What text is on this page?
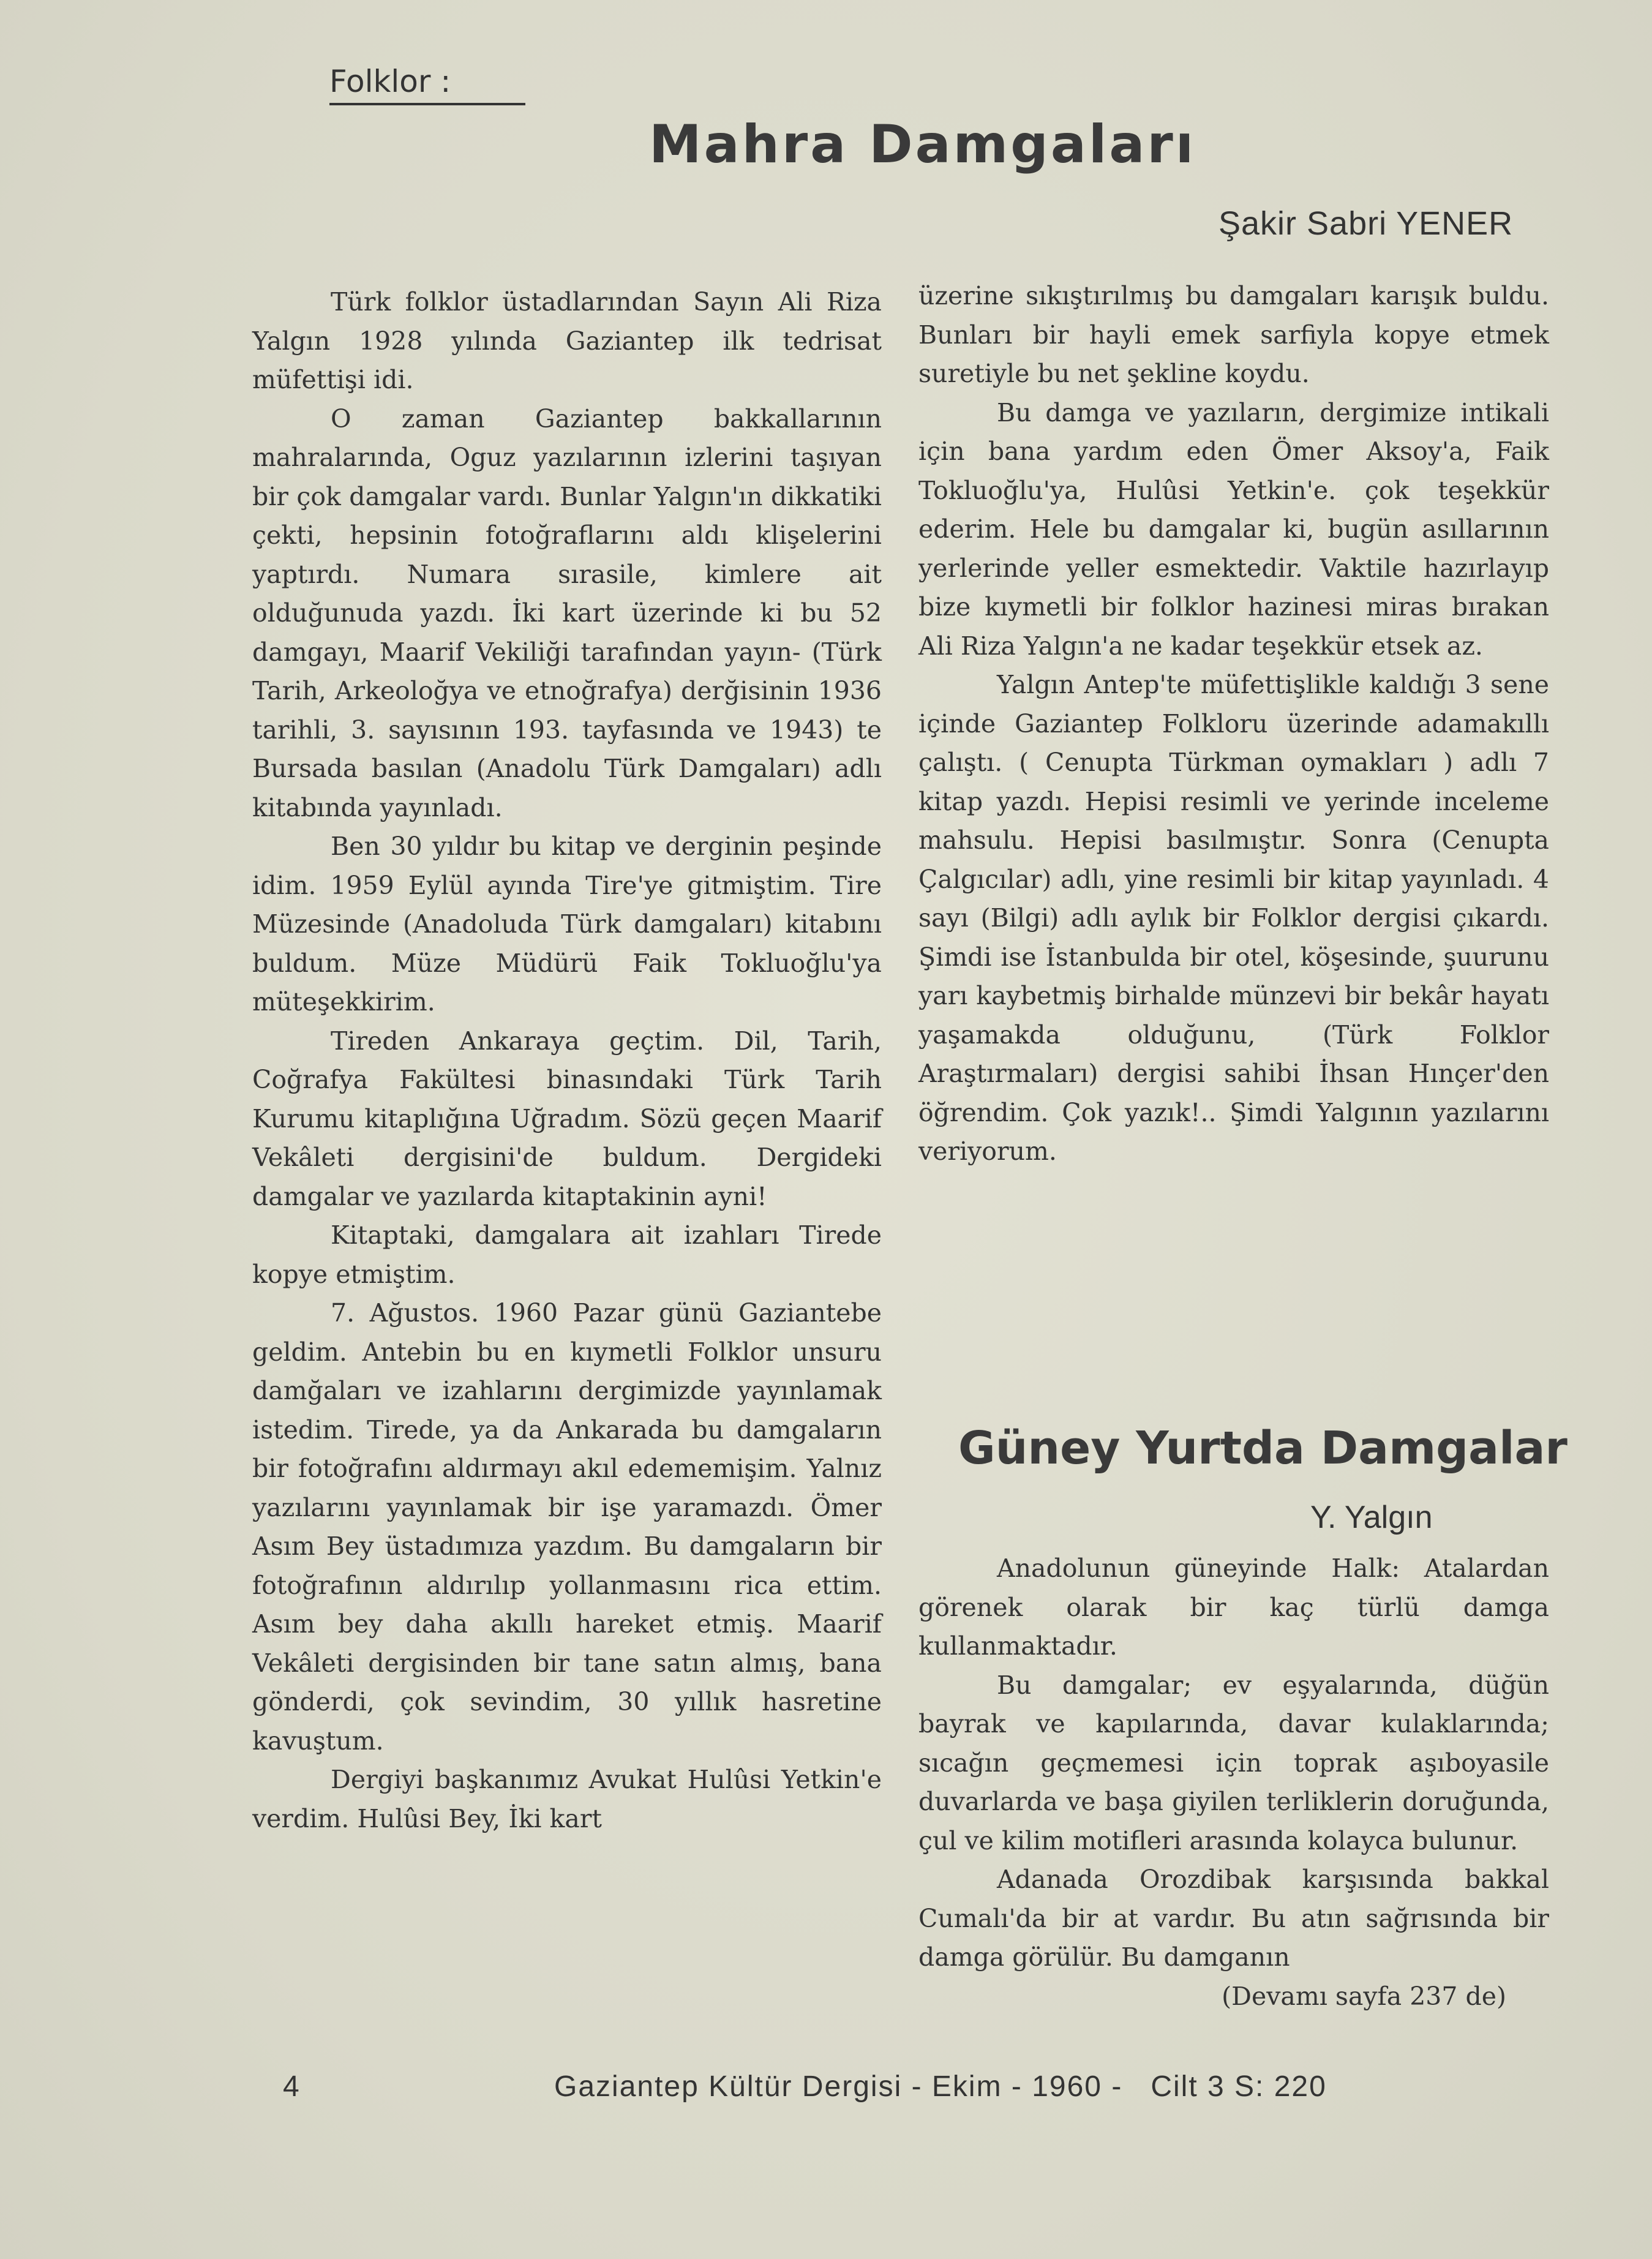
Folklor :
Mahra Damgaları
Şakir Sabri YENER

Türk folklor üstadlarından Sayın Ali Riza Yalgın 1928 yılında Gaziantep ilk tedrisat müfettişi idi.

O zaman Gaziantep bakkallarının mahralarında, Oguz yazılarının izlerini taşıyan bir çok damgalar vardı. Bunlar Yalgın'ın dikkatiki çekti, hepsinin fotoğraflarını aldı klişelerini yaptırdı. Numara sırasile, kimlere ait olduğunuda yazdı. İki kart üzerinde ki bu 52 damgayı, Maarif Vekiliği tarafından yayın- (Türk Tarih, Arkeoloğya ve etnoğrafya) derğisinin 1936 tarihli, 3. sayısının 193. tayfasında ve 1943) te Bursada basılan (Anadolu Türk Damgaları) adlı kitabında yayınladı.

Ben 30 yıldır bu kitap ve derginin peşinde idim. 1959 Eylül ayında Tire'ye gitmiştim. Tire Müzesinde (Anadoluda Türk damgaları) kitabını buldum. Müze Müdürü Faik Tokluoğlu'ya müteşekkirim.

Tireden Ankaraya geçtim. Dil, Tarih, Coğrafya Fakültesi binasındaki Türk Tarih Kurumu kitaplığına Uğradım. Sözü geçen Maarif Vekâleti dergisini'de buldum. Dergideki damgalar ve yazılarda kitaptakinin ayni!

Kitaptaki, damgalara ait izahları Tirede kopye etmiştim.

7. Ağustos. 1960 Pazar günü Gaziantebe geldim. Antebin bu en kıymetli Folklor unsuru damğaları ve izahlarını dergimizde yayınlamak istedim. Tirede, ya da Ankarada bu damgaların bir fotoğrafını aldırmayı akıl edememişim. Yalnız yazılarını yayınlamak bir işe yaramazdı. Ömer Asım Bey üstadımıza yazdım. Bu damgaların bir fotoğrafının aldırılıp yollanmasını rica ettim. Asım bey daha akıllı hareket etmiş. Maarif Vekâleti dergisinden bir tane satın almış, bana gönderdi, çok sevindim, 30 yıllık hasretine kavuştum.

Dergiyi başkanımız Avukat Hulûsi Yetkin'e verdim. Hulûsi Bey, İki kart

üzerine sıkıştırılmış bu damgaları karışık buldu. Bunları bir hayli emek sarfiyla kopye etmek suretiyle bu net şekline koydu.

Bu damga ve yazıların, dergimize intikali için bana yardım eden Ömer Aksoy'a, Faik Tokluoğlu'ya, Hulûsi Yetkin'e. çok teşekkür ederim. Hele bu damgalar ki, bugün asıllarının yerlerinde yeller esmektedir. Vaktile hazırlayıp bize kıymetli bir folklor hazinesi miras bırakan Ali Riza Yalgın'a ne kadar teşekkür etsek az.

Yalgın Antep'te müfettişlikle kaldığı 3 sene içinde Gaziantep Folkloru üzerinde adamakıllı çalıştı. ( Cenupta Türkman oymakları ) adlı 7 kitap yazdı. Hepisi resimli ve yerinde inceleme mahsulu. Hepisi basılmıştır. Sonra (Cenupta Çalgıcılar) adlı, yine resimli bir kitap yayınladı. 4 sayı (Bilgi) adlı aylık bir Folklor dergisi çıkardı. Şimdi ise İstanbulda bir otel, köşesinde, şuurunu yarı kaybetmiş birhalde münzevi bir bekâr hayatı yaşamakda olduğunu, (Türk Folklor Araştırmaları) dergisi sahibi İhsan Hınçer'den öğrendim. Çok yazık!.. Şimdi Yalgının yazılarını veriyorum.

Güney Yurtda Damgalar
Y. Yalgın

Anadolunun güneyinde Halk: Atalardan görenek olarak bir kaç türlü damga kullanmaktadır.

Bu damgalar; ev eşyalarında, düğün bayrak ve kapılarında, davar kulaklarında; sıcağın geçmemesi için toprak aşıboyasile duvarlarda ve başa giyilen terliklerin doruğunda, çul ve kilim motifleri arasında kolayca bulunur.

Adanada Orozdibak karşısında bakkal Cumalı'da bir at vardır. Bu atın sağrısında bir damga görülür. Bu damganın

(Devamı sayfa 237 de)

4	Gaziantep Kültür Dergisi - Ekim - 1960 -   Cilt 3 S: 220
